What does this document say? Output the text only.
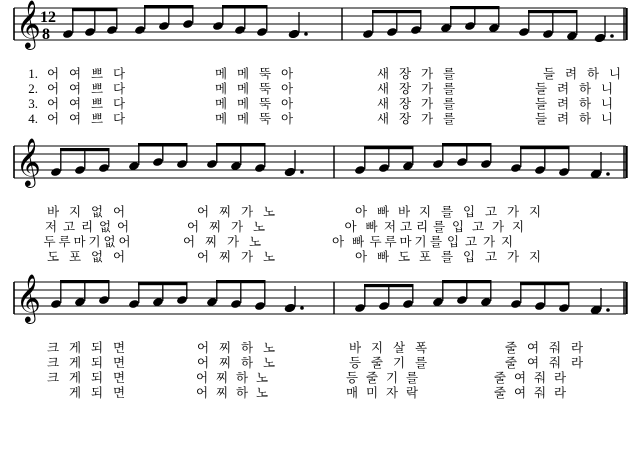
𝄞 12
8
1. 어 여 쁘 다	메 메 뚝 아	새 장 가 를	들 려 하 니
2. 어 여 쁘 다	메 메 뚝 아	새 장 가 를	들 려 하 니
3. 어 여 쁘 다	메 메 뚝 아	새 장 가 를	들 려 하 니
4. 어 여 쁘 다	메 메 뚝 아	새 장 가 를	들 려 하 니
𝄞
바 지 없 어	어 찌 가 노	아 빠 바 지 를 입 고 가 지
저 고 리 없 어	어 찌 가 노	아 빠 저 고 리 를 입 고 가 지
두 루 마 기 없 어	어 찌 가 노	아 빠 두 루 마 기 를 입 고 가 지
도 포 없 어	어 찌 가 노	아 빠 도 포 를 입 고 가 지
𝄞
크 게 되 면	어 찌 하 노	바 지 살 폭	줄 여 줘 라
크 게 되 면	어 찌 하 노	등 줄 기 를	줄 여 줘 라
크 게 되 면	어 찌 하 노	등 줄 기 를	줄 여 줘 라
게 되 면	어 찌 하 노	매 미 자 락	줄 여 줘 라
